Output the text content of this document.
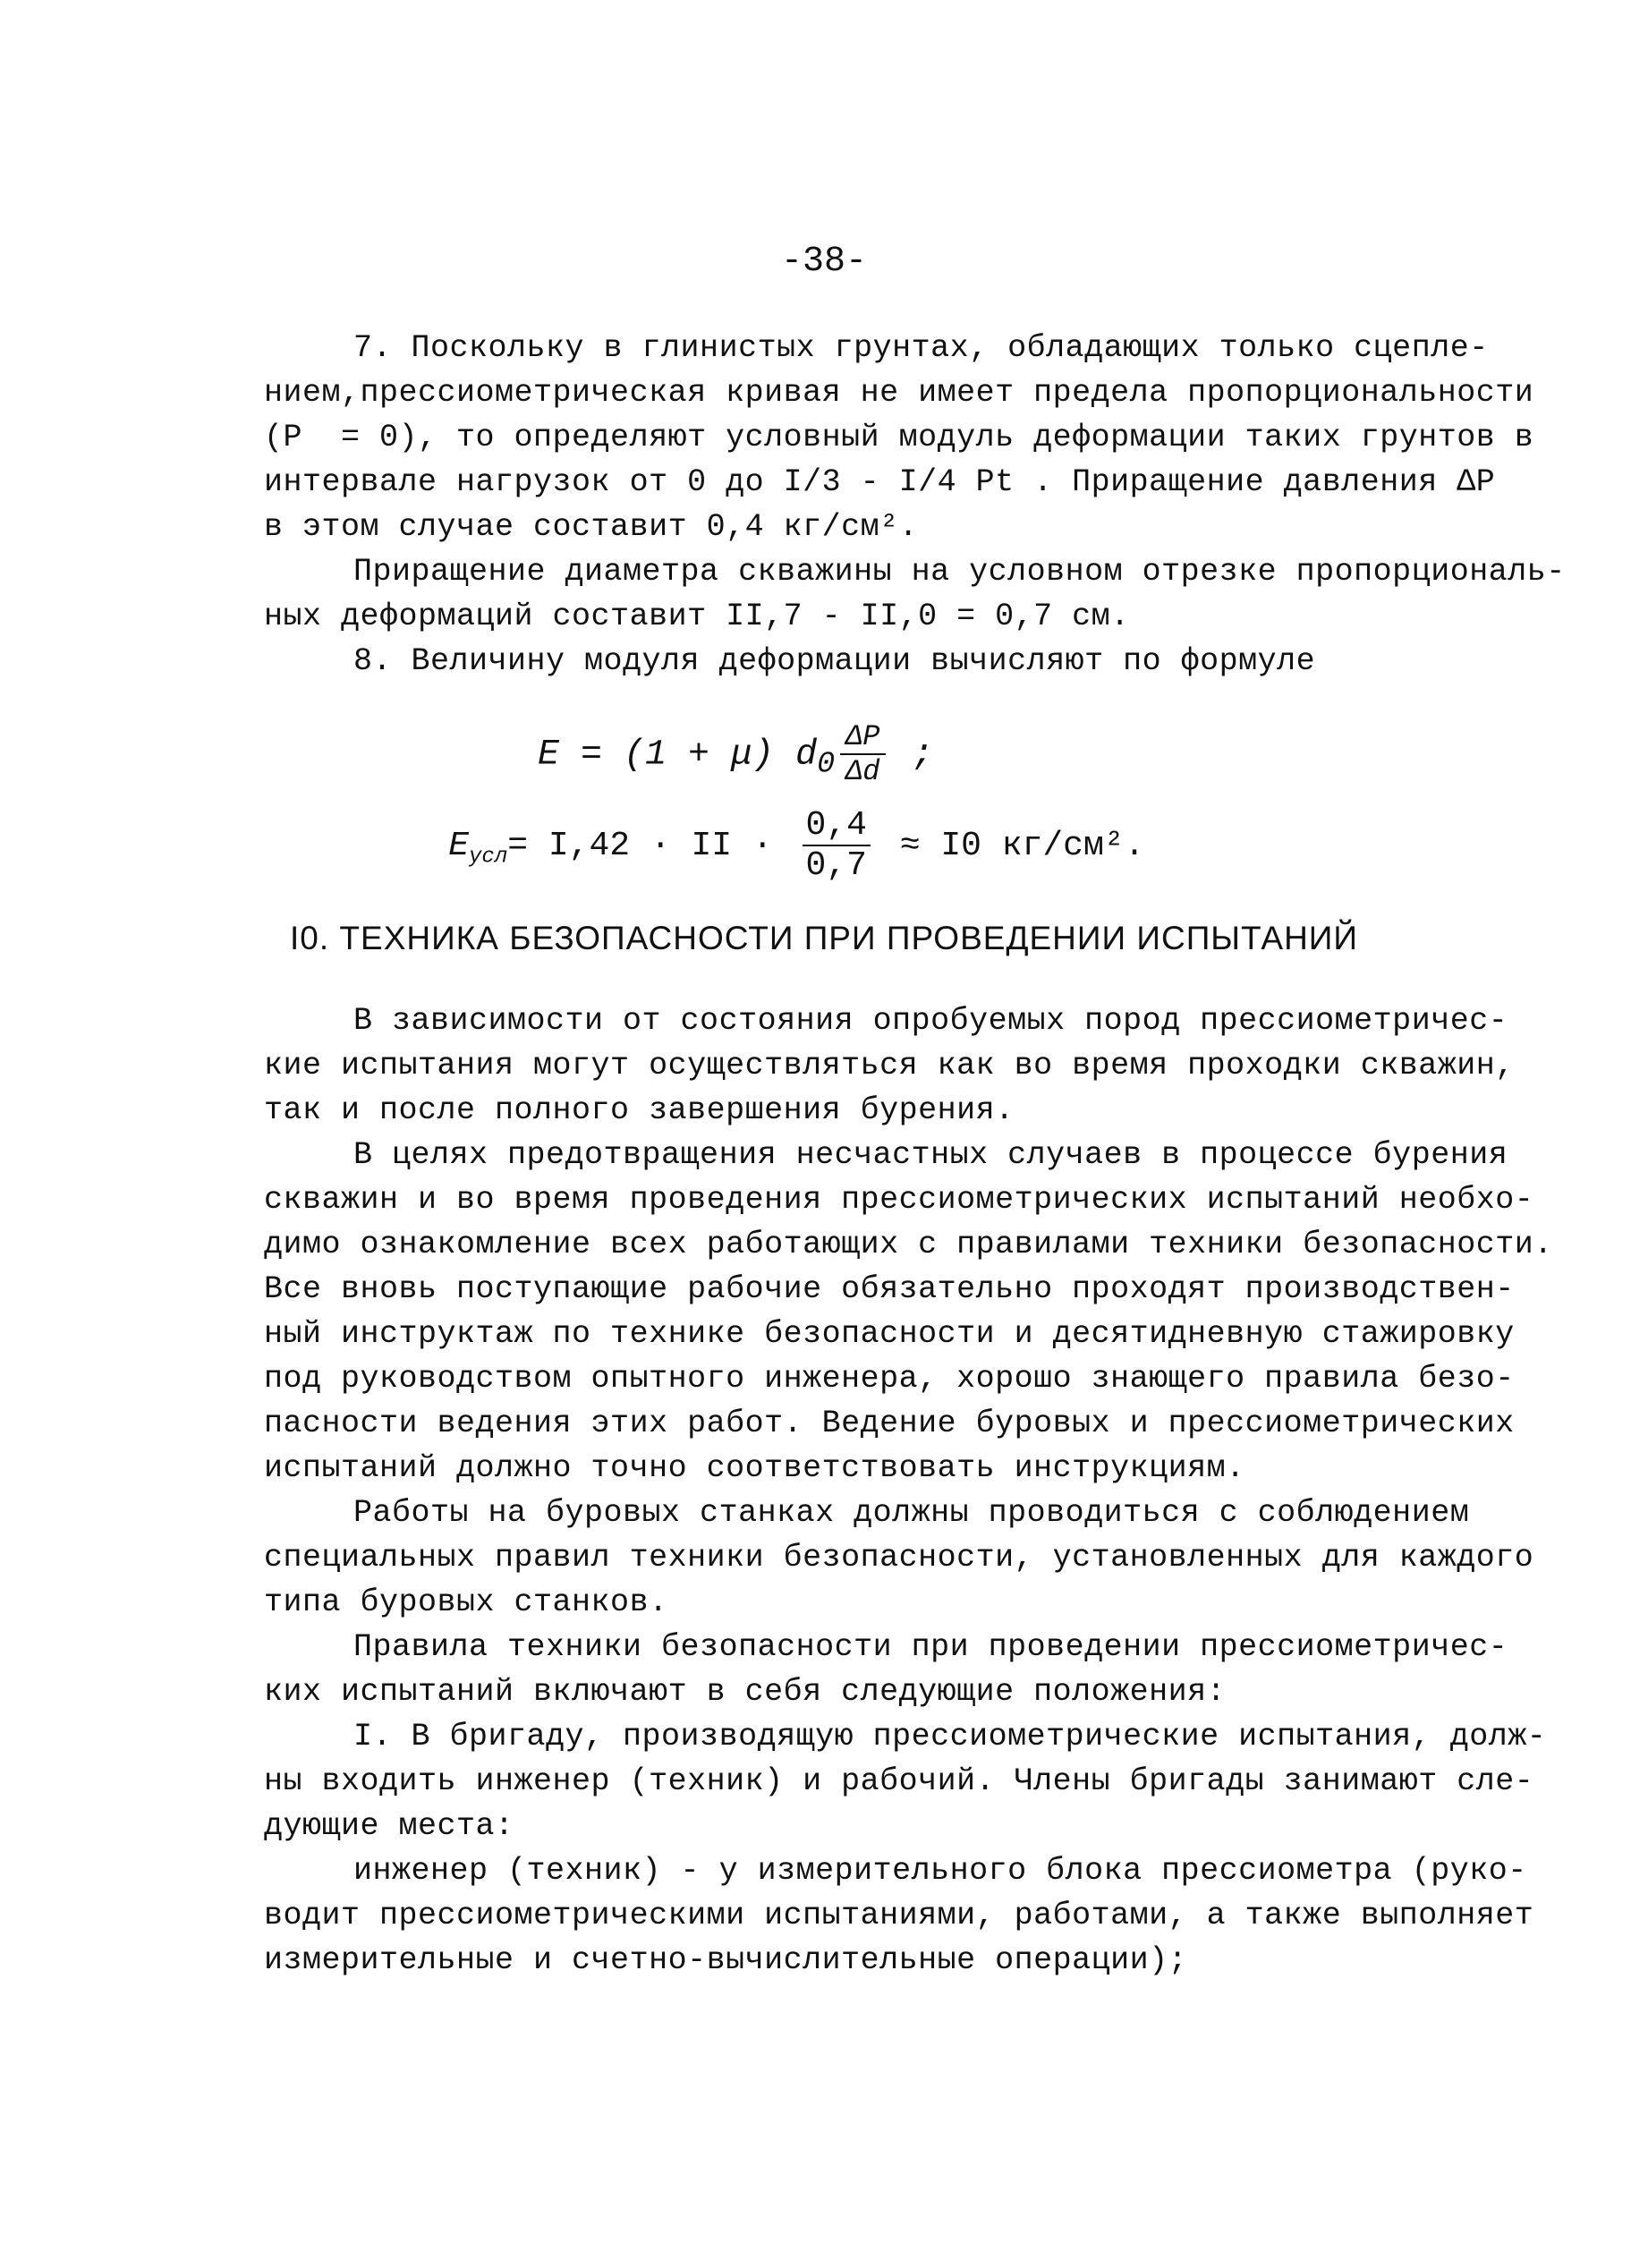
-38-
7. Поскольку в глинистых грунтах, обладающих только сцепле-
нием,прессиометрическая кривая не имеет предела пропорциональности
(Р  = 0), то определяют условный модуль деформации таких грунтов в
интервале нагрузок от 0 до I/3 - I/4 Pt . Приращение давления ΔP
в этом случае составит 0,4 кг/см².
Приращение диаметра скважины на условном отрезке пропорциональ-
ных деформаций составит II,7 - II,0 = 0,7 см.
8. Величину модуля деформации вычисляют по формуле

E = (1 + μ) $d_0 \frac{\Delta P}{\Delta d}$ ;

$E_{усл}= I,42$ · II · $\frac{0,4}{0,7} \approx I0$ кг/см².

I0. ТЕХНИКА БЕЗОПАСНОСТИ ПРИ ПРОВЕДЕНИИ ИСПЫТАНИЙ
В зависимости от состояния опробуемых пород прессиометричес-
кие испытания могут осуществляться как во время проходки скважин,
так и после полного завершения бурения.
В целях предотвращения несчастных случаев в процессе бурения
скважин и во время проведения прессиометрических испытаний необхо-
димо ознакомление всех работающих с правилами техники безопасности.
Все вновь поступающие рабочие обязательно проходят производствен-
ный инструктаж по технике безопасности и десятидневную стажировку
под руководством опытного инженера, хорошо знающего правила безо-
пасности ведения этих работ. Ведение буровых и прессиометрических
испытаний должно точно соответствовать инструкциям.
Работы на буровых станках должны проводиться с соблюдением
специальных правил техники безопасности, установленных для каждого
типа буровых станков.
Правила техники безопасности при проведении прессиометричес-
ких испытаний включают в себя следующие положения:
I. В бригаду, производящую прессиометрические испытания, долж-
ны входить инженер (техник) и рабочий. Члены бригады занимают сле-
дующие места:
инженер (техник) - у измерительного блока прессиометра (руко-
водит прессиометрическими испытаниями, работами, а также выполняет
измерительные и счетно-вычислительные операции);
